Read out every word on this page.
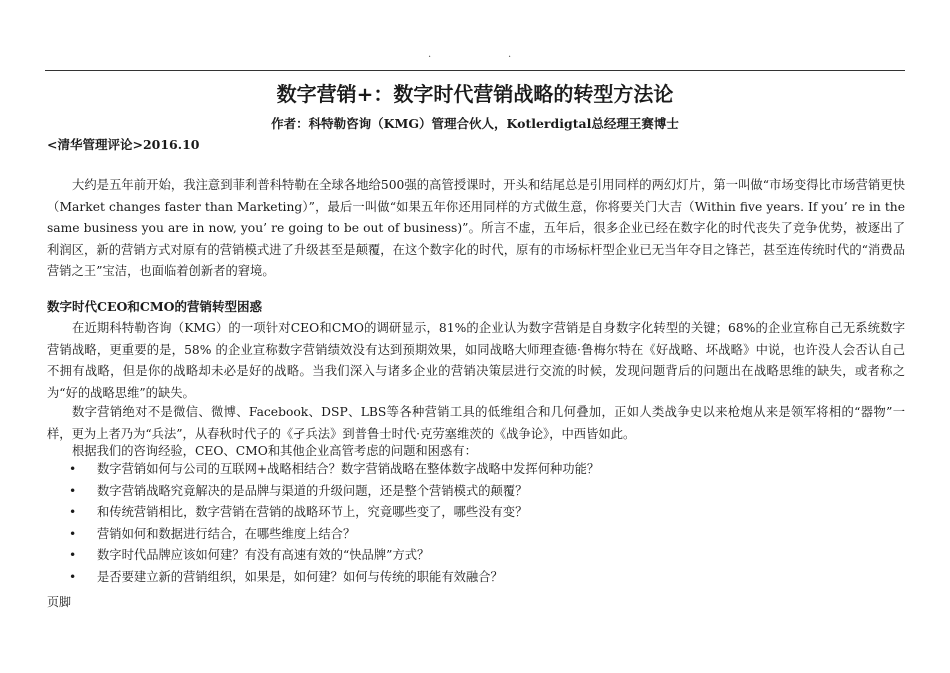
.	.
数字营销+：数字时代营销战略的转型方法论
作者：科特勒咨询（KMG）管理合伙人，Kotlerdigtal总经理王赛博士
<清华管理评论>2016.10

大约是五年前开始，我注意到菲利普科特勒在全球各地给500强的高管授课时，开头和结尾总是引用同样的两幻灯片，第一叫做“市场变得比市场营销更快（Market changes faster than Marketing）”，最后一叫做“如果五年你还用同样的方式做生意，你将要关门大吉（Within five years. If you’ re in the same business you are in now, you’ re going to be out of business)”。所言不虚，五年后，很多企业已经在数字化的时代丧失了竞争优势，被逐出了利润区，新的营销方式对原有的营销模式进了升级甚至是颠覆，在这个数字化的时代，原有的市场标杆型企业已无当年夺目之锋芒，甚至连传统时代的“消费品营销之王”宝洁，也面临着创新者的窘境。

数字时代CEO和CMO的营销转型困惑

在近期科特勒咨询（KMG）的一项针对CEO和CMO的调研显示，81%的企业认为数字营销是自身数字化转型的关键；68%的企业宣称自己无系统数字营销战略，更重要的是，58% 的企业宣称数字营销绩效没有达到预期效果，如同战略大师理查德·鲁梅尔特在《好战略、坏战略》中说，也许没人会否认自己不拥有战略，但是你的战略却未必是好的战略。当我们深入与诸多企业的营销决策层进行交流的时候，发现问题背后的问题出在战略思维的缺失，或者称之为“好的战略思维”的缺失。

数字营销绝对不是微信、微博、Facebook、DSP、LBS等各种营销工具的低维组合和几何叠加，正如人类战争史以来枪炮从来是领军将相的“器物”一样，更为上者乃为“兵法”，从春秋时代子的《孑兵法》到普鲁士时代·克劳塞维茨的《战争论》，中西皆如此。

根据我们的咨询经验，CEO、CMO和其他企业高管考虑的问题和困惑有：

• 数字营销如何与公司的互联网+战略相结合？数字营销战略在整体数字战略中发挥何种功能？
• 数字营销战略究竟解决的是品牌与渠道的升级问题，还是整个营销模式的颠覆？
• 和传统营销相比，数字营销在营销的战略环节上，究竟哪些变了，哪些没有变？
• 营销如何和数据进行结合，在哪些维度上结合？
• 数字时代品牌应该如何建？有没有高速有效的“快品牌”方式？
• 是否要建立新的营销组织，如果是，如何建？如何与传统的职能有效融合？
页脚
